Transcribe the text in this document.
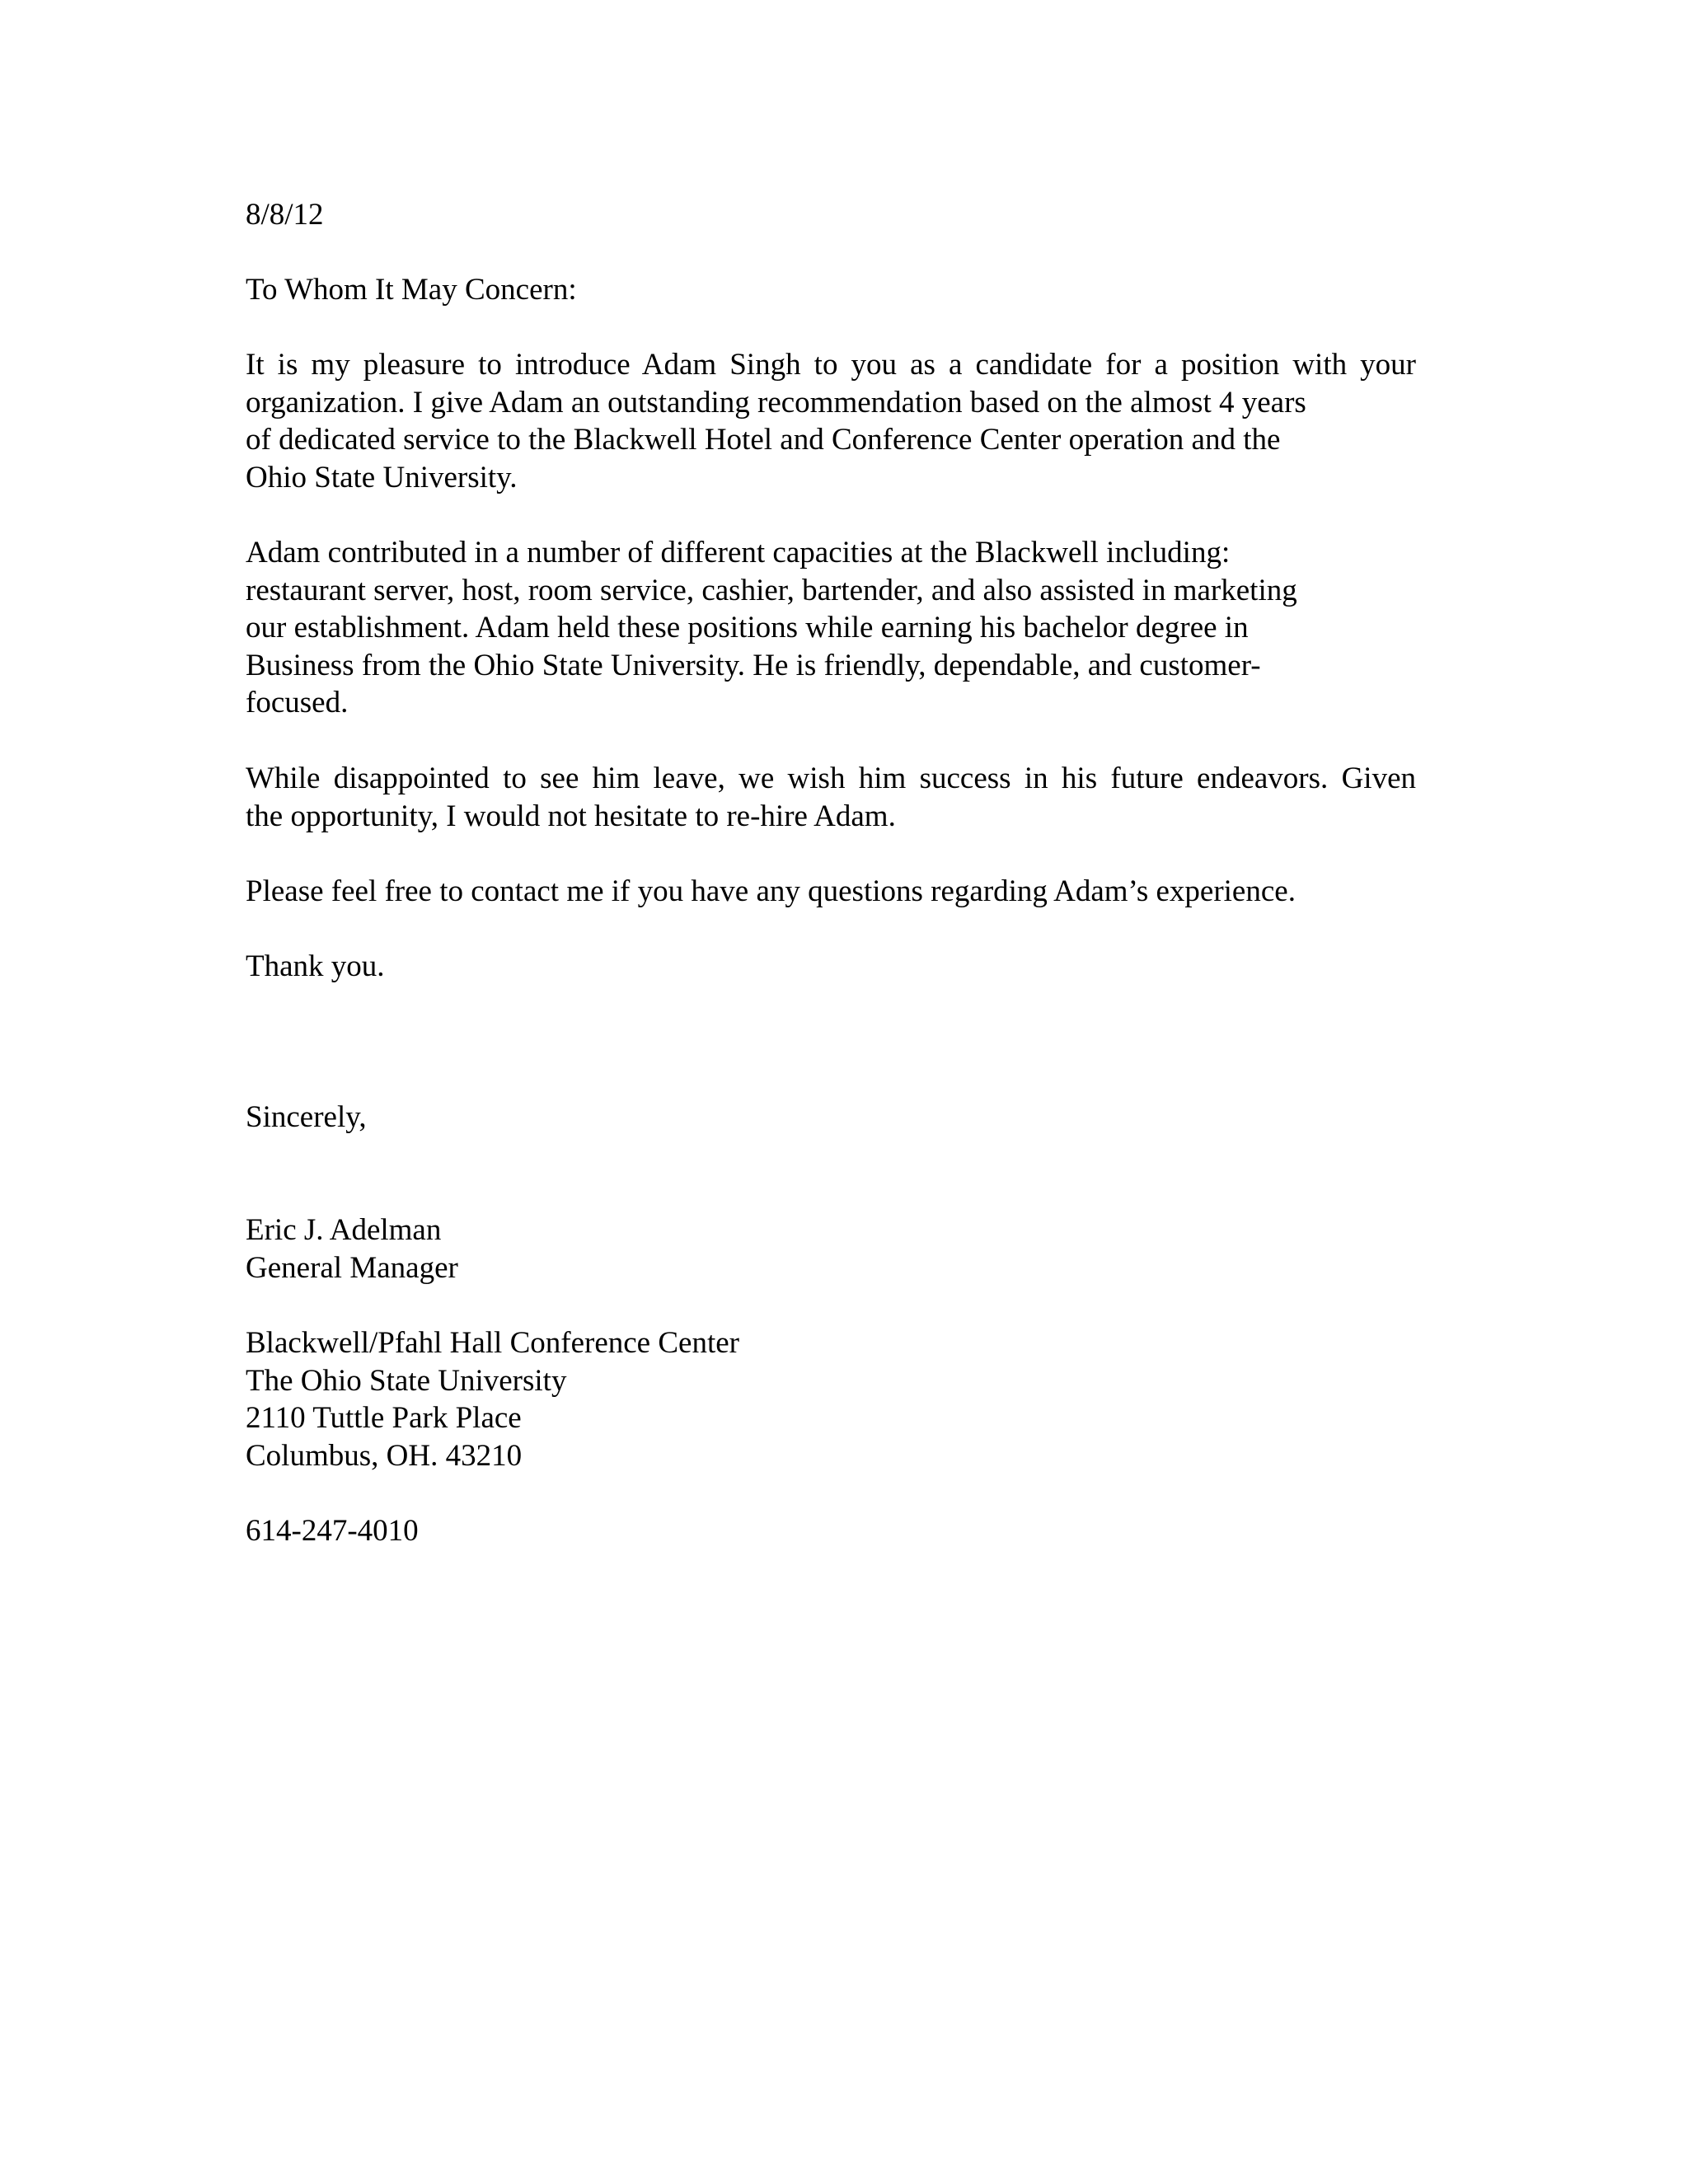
8/8/12

To Whom It May Concern:

It is my pleasure to introduce Adam Singh to you as a candidate for a position with your
organization. I give Adam an outstanding recommendation based on the almost 4 years
of dedicated service to the Blackwell Hotel and Conference Center operation and the
Ohio State University.

Adam contributed in a number of different capacities at the Blackwell including:
restaurant server, host, room service, cashier, bartender, and also assisted in marketing
our establishment. Adam held these positions while earning his bachelor degree in
Business from the Ohio State University. He is friendly, dependable, and customer-
focused.

While disappointed to see him leave, we wish him success in his future endeavors. Given
the opportunity, I would not hesitate to re-hire Adam.

Please feel free to contact me if you have any questions regarding Adam’s experience.

Thank you.

Sincerely,

Eric J. Adelman
General Manager

Blackwell/Pfahl Hall Conference Center
The Ohio State University
2110 Tuttle Park Place
Columbus, OH. 43210

614-247-4010
